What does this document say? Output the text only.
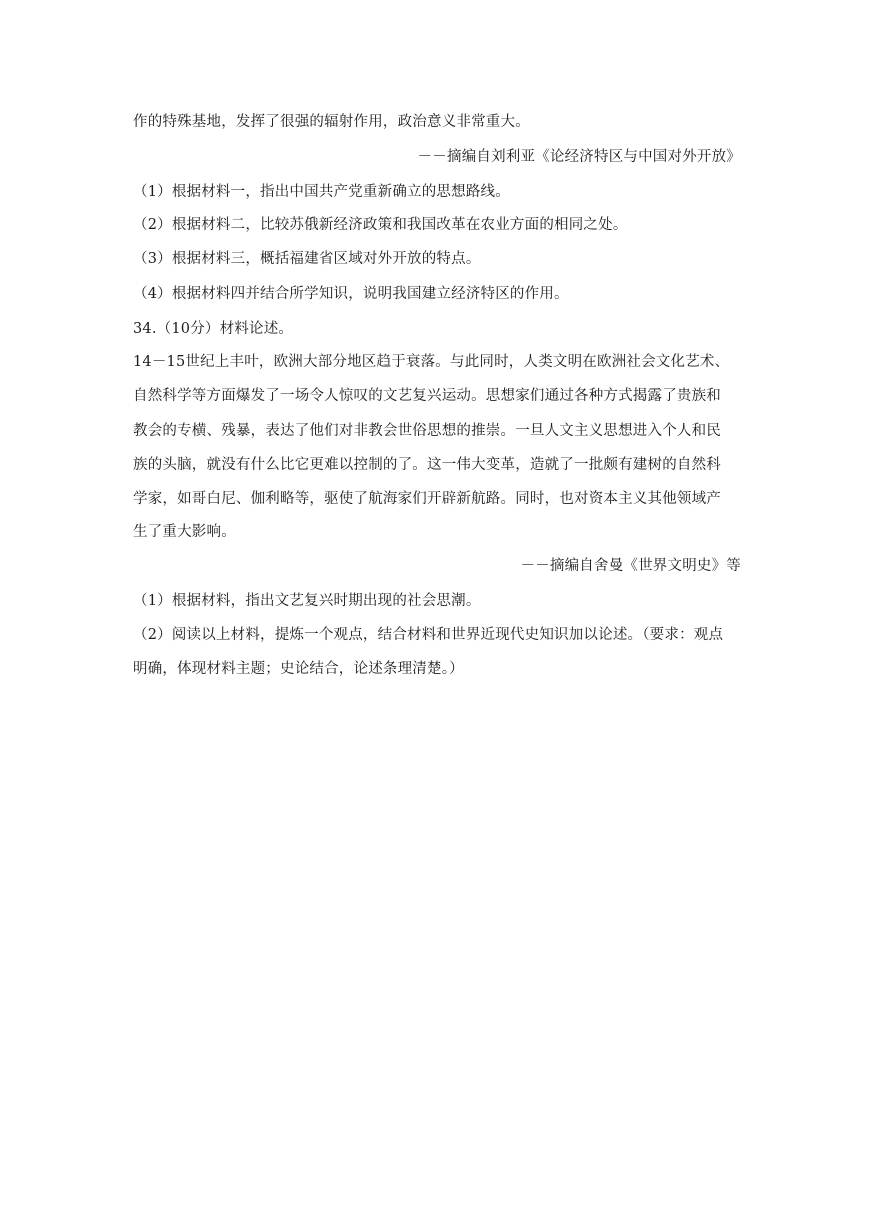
作的特殊基地，发挥了很强的辐射作用，政治意义非常重大。
－－摘编自刘利亚《论经济特区与中国对外开放》
（1）根据材料一，指出中国共产党重新确立的思想路线。
（2）根据材料二，比较苏俄新经济政策和我国改革在农业方面的相同之处。
（3）根据材料三，概括福建省区域对外开放的特点。
（4）根据材料四并结合所学知识，说明我国建立经济特区的作用。
34.（10分）材料论述。
14－15世纪上丰叶，欧洲大部分地区趋于衰落。与此同时，人类文明在欧洲社会文化艺术、
自然科学等方面爆发了一场令人惊叹的文艺复兴运动。思想家们通过各种方式揭露了贵族和
教会的专横、残暴，表达了他们对非教会世俗思想的推崇。一旦人文主义思想进入个人和民
族的头脑，就没有什么比它更难以控制的了。这一伟大变革，造就了一批颇有建树的自然科
学家，如哥白尼、伽利略等，驱使了航海家们开辟新航路。同时，也对资本主义其他领域产
生了重大影响。
－－摘编自舍曼《世界文明史》等
（1）根据材料，指出文艺复兴时期出现的社会思潮。
（2）阅读以上材料，提炼一个观点，结合材料和世界近现代史知识加以论述。（要求：观点
明确，体现材料主题；史论结合，论述条理清楚。）
